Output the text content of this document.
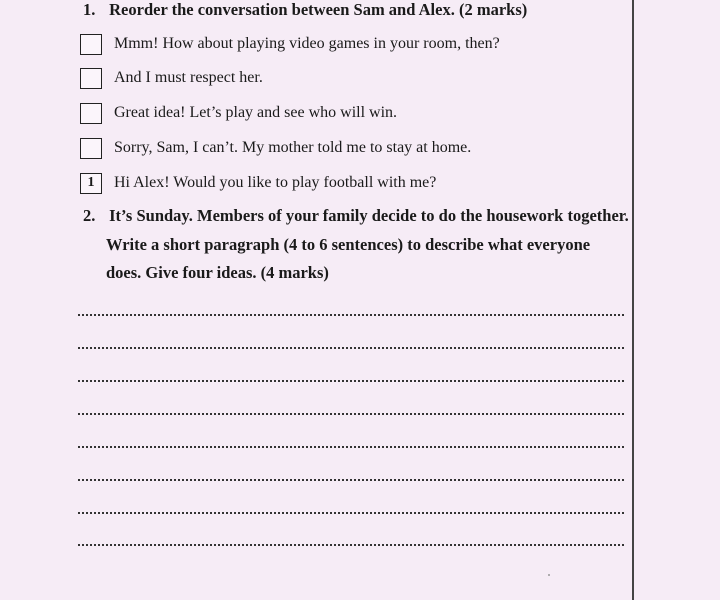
1. Reorder the conversation between Sam and Alex. (2 marks)
Mmm! How about playing video games in your room, then?
And I must respect her.
Great idea! Let’s play and see who will win.
Sorry, Sam, I can’t. My mother told me to stay at home.
1	Hi Alex! Would you like to play football with me?
2. It’s Sunday. Members of your family decide to do the housework together.
Write a short paragraph (4 to 6 sentences) to describe what everyone
does. Give four ideas. (4 marks)
